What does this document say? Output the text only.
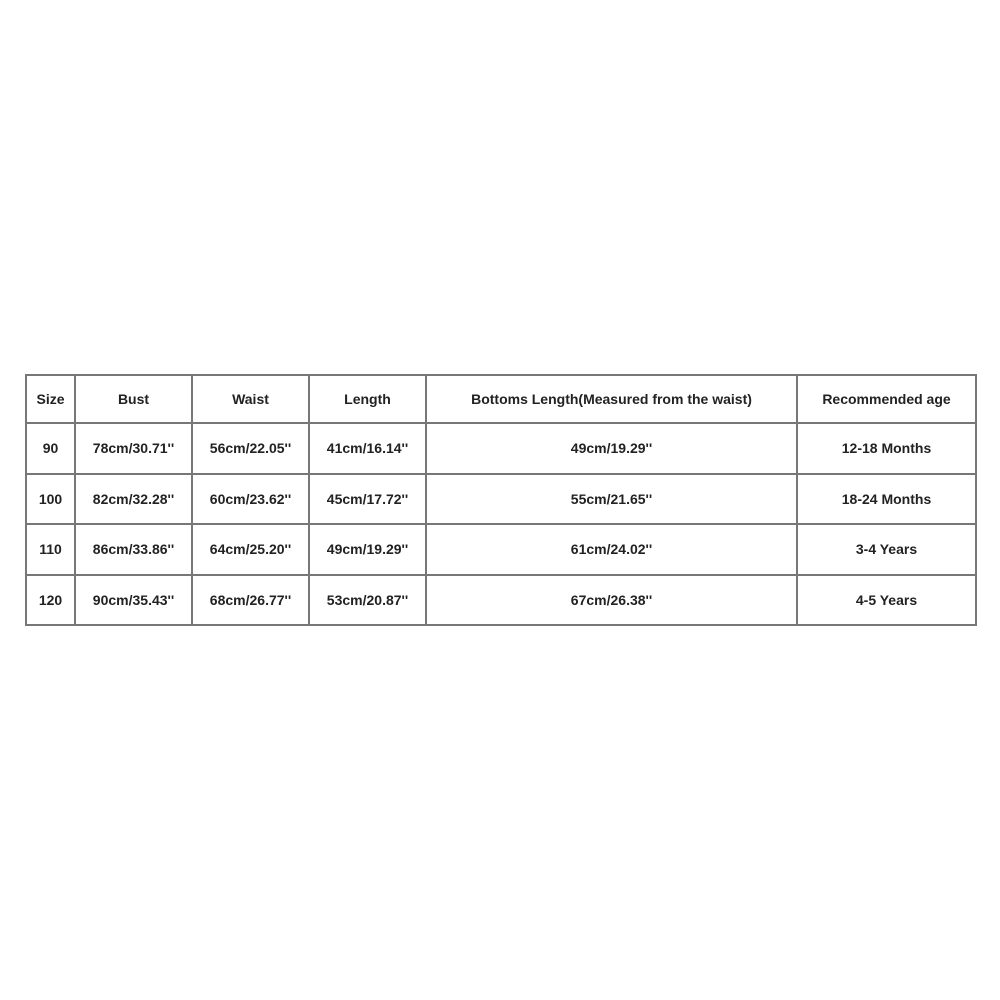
Size	Bust	Waist	Length	Bottoms Length(Measured from the waist)	Recommended age
90	78cm/30.71''	56cm/22.05''	41cm/16.14''	49cm/19.29''	12-18 Months
100	82cm/32.28''	60cm/23.62''	45cm/17.72''	55cm/21.65''	18-24 Months
110	86cm/33.86''	64cm/25.20''	49cm/19.29''	61cm/24.02''	3-4 Years
120	90cm/35.43''	68cm/26.77''	53cm/20.87''	67cm/26.38''	4-5 Years
